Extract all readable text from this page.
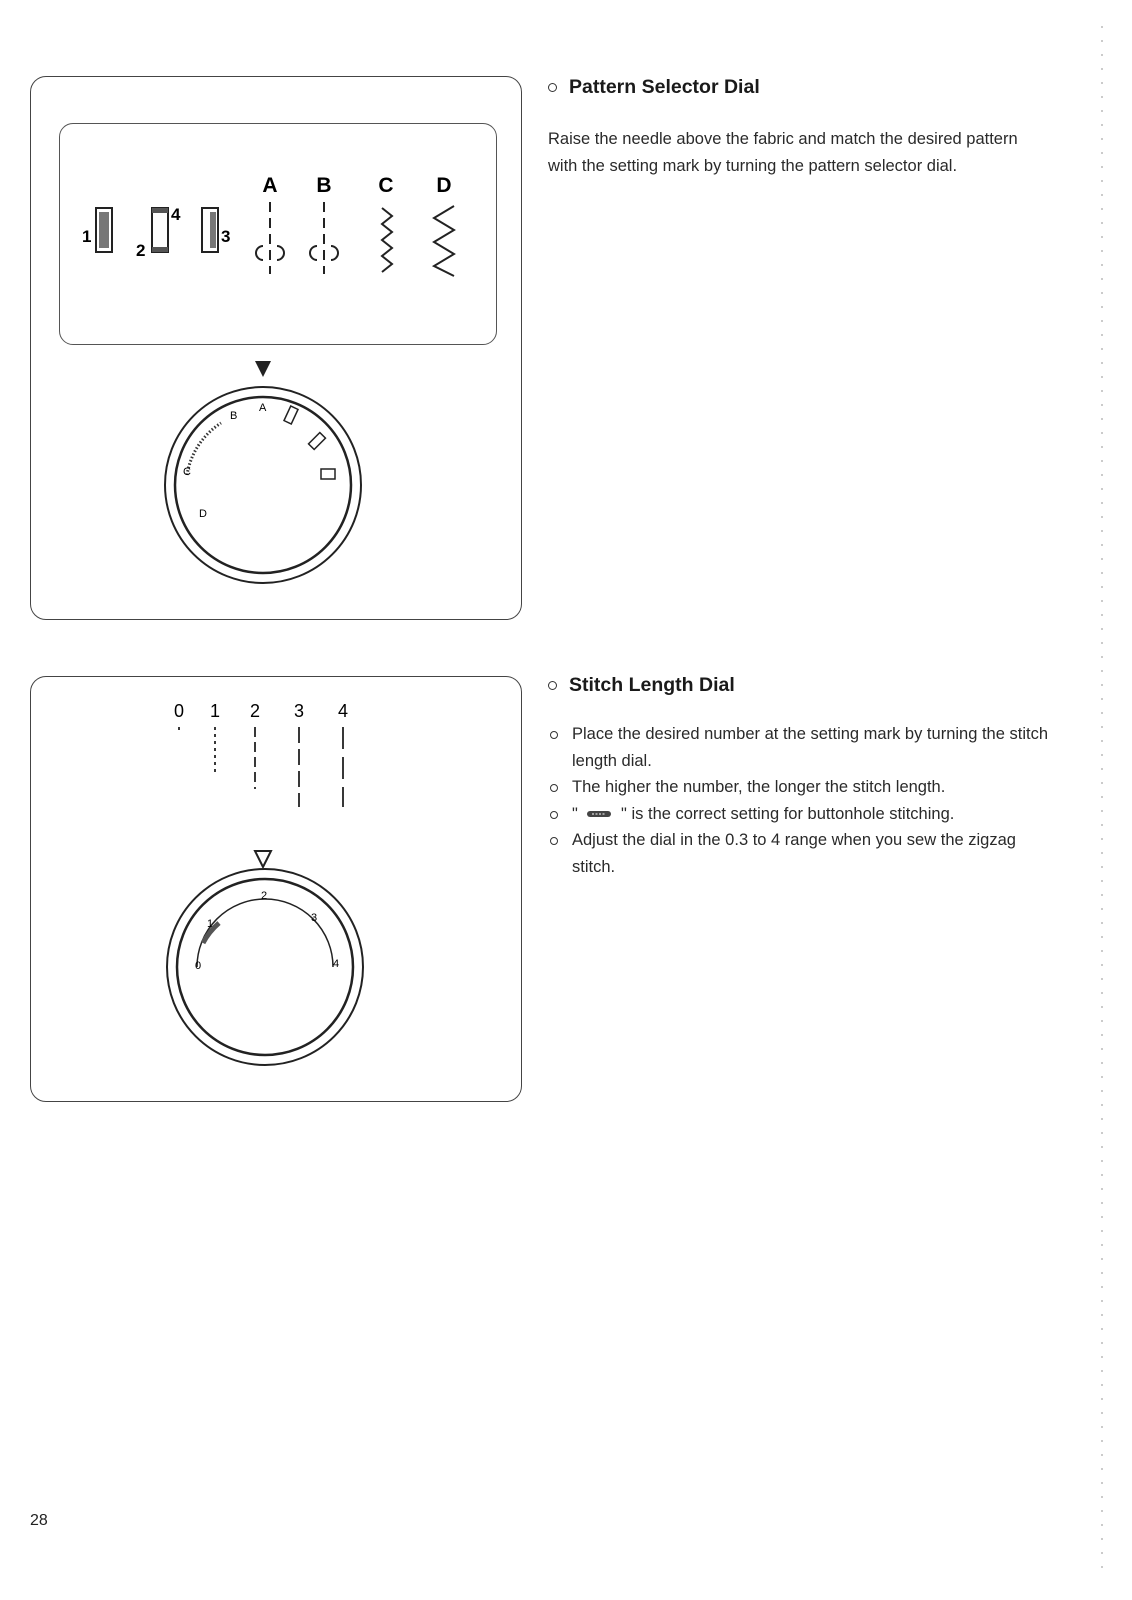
1
2
4
3
A B C D
B
A
C
D
Pattern Selector Dial
Raise the needle above the fabric and match the desired pattern with the setting mark by turning the pattern selector dial.
0 1 2 3 4
0
1
2
3
4
Stitch Length Dial
Place the desired number at the setting mark by turning the stitch length dial.
The higher the number, the longer the stitch length.
"	" is the correct setting for buttonhole stitching.
Adjust the dial in the 0.3 to 4 range when you sew the zigzag stitch.
28
